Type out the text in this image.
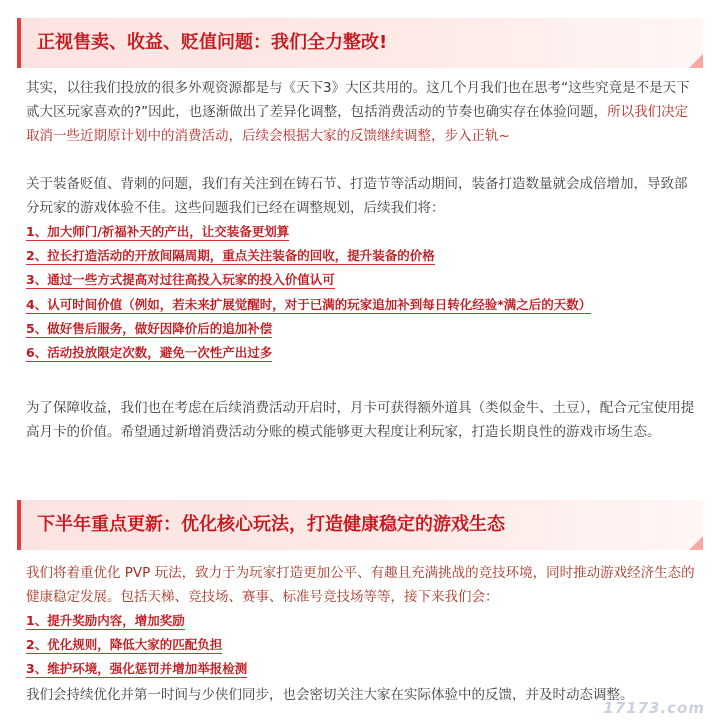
正视售卖、收益、贬值问题：我们全力整改!

其实，以往我们投放的很多外观资源都是与《天下3》大区共用的。这几个月我们也在思考“这些究竟是不是天下贰大区玩家喜欢的?”因此，也逐渐做出了差异化调整，包括消费活动的节奏也确实存在体验问题，所以我们决定取消一些近期原计划中的消费活动，后续会根据大家的反馈继续调整，步入正轨~

关于装备贬值、背刺的问题，我们有关注到在铸石节、打造节等活动期间，装备打造数量就会成倍增加，导致部分玩家的游戏体验不佳。这些问题我们已经在调整规划，后续我们将：

1、加大师门/祈福补天的产出，让交装备更划算
2、拉长打造活动的开放间隔周期，重点关注装备的回收，提升装备的价格
3、通过一些方式提高对过往高投入玩家的投入价值认可
4、认可时间价值（例如，若未来扩展觉醒时，对于已满的玩家追加补到每日转化经验*满之后的天数）
5、做好售后服务，做好因降价后的追加补偿
6、活动投放限定次数，避免一次性产出过多

为了保障收益，我们也在考虑在后续消费活动开启时，月卡可获得额外道具（类似金牛、土豆），配合元宝使用提高月卡的价值。希望通过新增消费活动分账的模式能够更大程度让利玩家，打造长期良性的游戏市场生态。

下半年重点更新：优化核心玩法，打造健康稳定的游戏生态

我们将着重优化 PVP 玩法，致力于为玩家打造更加公平、有趣且充满挑战的竞技环境，同时推动游戏经济生态的健康稳定发展。包括天梯、竞技场、赛事、标准号竞技场等等，接下来我们会：

1、提升奖励内容，增加奖励
2、优化规则，降低大家的匹配负担
3、维护环境，强化惩罚并增加举报检测

我们会持续优化并第一时间与少侠们同步，也会密切关注大家在实际体验中的反馈，并及时动态调整。

17173.com
